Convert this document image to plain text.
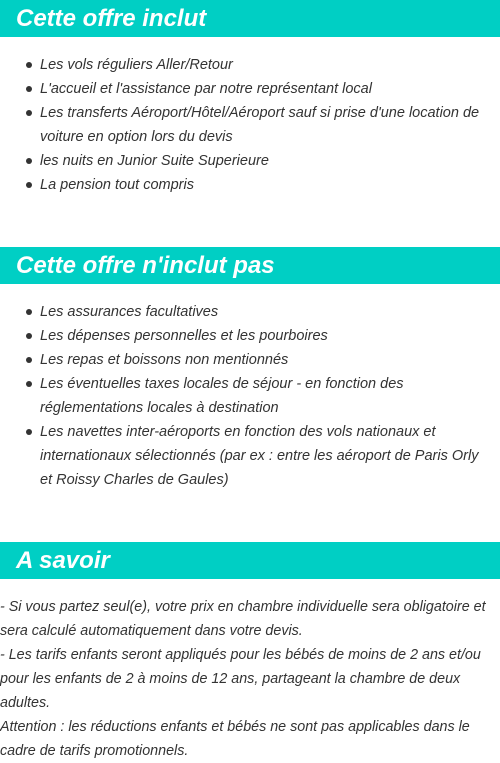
Cette offre inclut
Les vols réguliers Aller/Retour
L'accueil et l'assistance par notre représentant local
Les transferts Aéroport/Hôtel/Aéroport sauf si prise d'une location de voiture en option lors du devis
les nuits en Junior Suite Superieure
La pension tout compris
Cette offre n'inclut pas
Les assurances facultatives
Les dépenses personnelles et les pourboires
Les repas et boissons non mentionnés
Les éventuelles taxes locales de séjour - en fonction des réglementations locales à destination
Les navettes inter-aéroports en fonction des vols nationaux et internationaux sélectionnés (par ex : entre les aéroport de Paris Orly et Roissy Charles de Gaules)
A savoir

- Si vous partez seul(e), votre prix en chambre individuelle sera obligatoire et sera calculé automatiquement dans votre devis.

- Les tarifs enfants seront appliqués pour les bébés de moins de 2 ans et/ou pour les enfants de 2 à moins de 12 ans, partageant la chambre de deux adultes.

Attention : les réductions enfants et bébés ne sont pas applicables dans le cadre de tarifs promotionnels.
